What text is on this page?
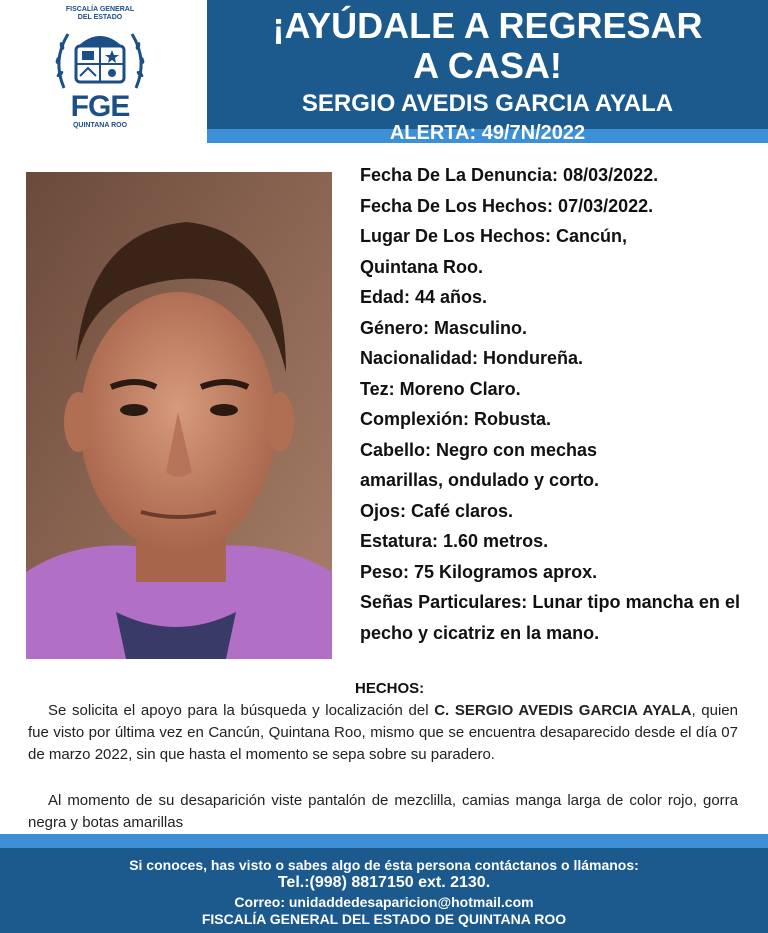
FISCALÍA GENERAL
DEL ESTADO
FGE
QUINTANA ROO
¡AYÚDALE A REGRESAR
A CASA!
SERGIO AVEDIS GARCIA AYALA
ALERTA: 49/7N/2022
Fecha De La Denuncia: 08/03/2022.
Fecha De Los Hechos: 07/03/2022.
Lugar De Los Hechos: Cancún,
Quintana Roo.
Edad: 44 años.
Género: Masculino.
Nacionalidad: Hondureña.
Tez: Moreno Claro.
Complexión: Robusta.
Cabello: Negro con mechas
amarillas, ondulado y corto.
Ojos: Café claros.
Estatura: 1.60 metros.
Peso: 75 Kilogramos aprox.
Señas Particulares: Lunar tipo mancha en el pecho y cicatriz en la mano.
HECHOS:
Se solicita el apoyo para la búsqueda y localización del C. SERGIO AVEDIS GARCIA AYALA, quien fue visto por última vez en Cancún, Quintana Roo, mismo que se encuentra desaparecido desde el día 07 de marzo 2022, sin que hasta el momento se sepa sobre su paradero.
Al momento de su desaparición viste pantalón de mezclilla, camias manga larga de color rojo, gorra negra y botas amarillas
Si conoces, has visto o sabes algo de ésta persona contáctanos o llámanos:
Tel.:(998) 8817150 ext. 2130.
Correo: unidaddedesaparicion@hotmail.com
FISCALÍA GENERAL DEL ESTADO DE QUINTANA ROO
